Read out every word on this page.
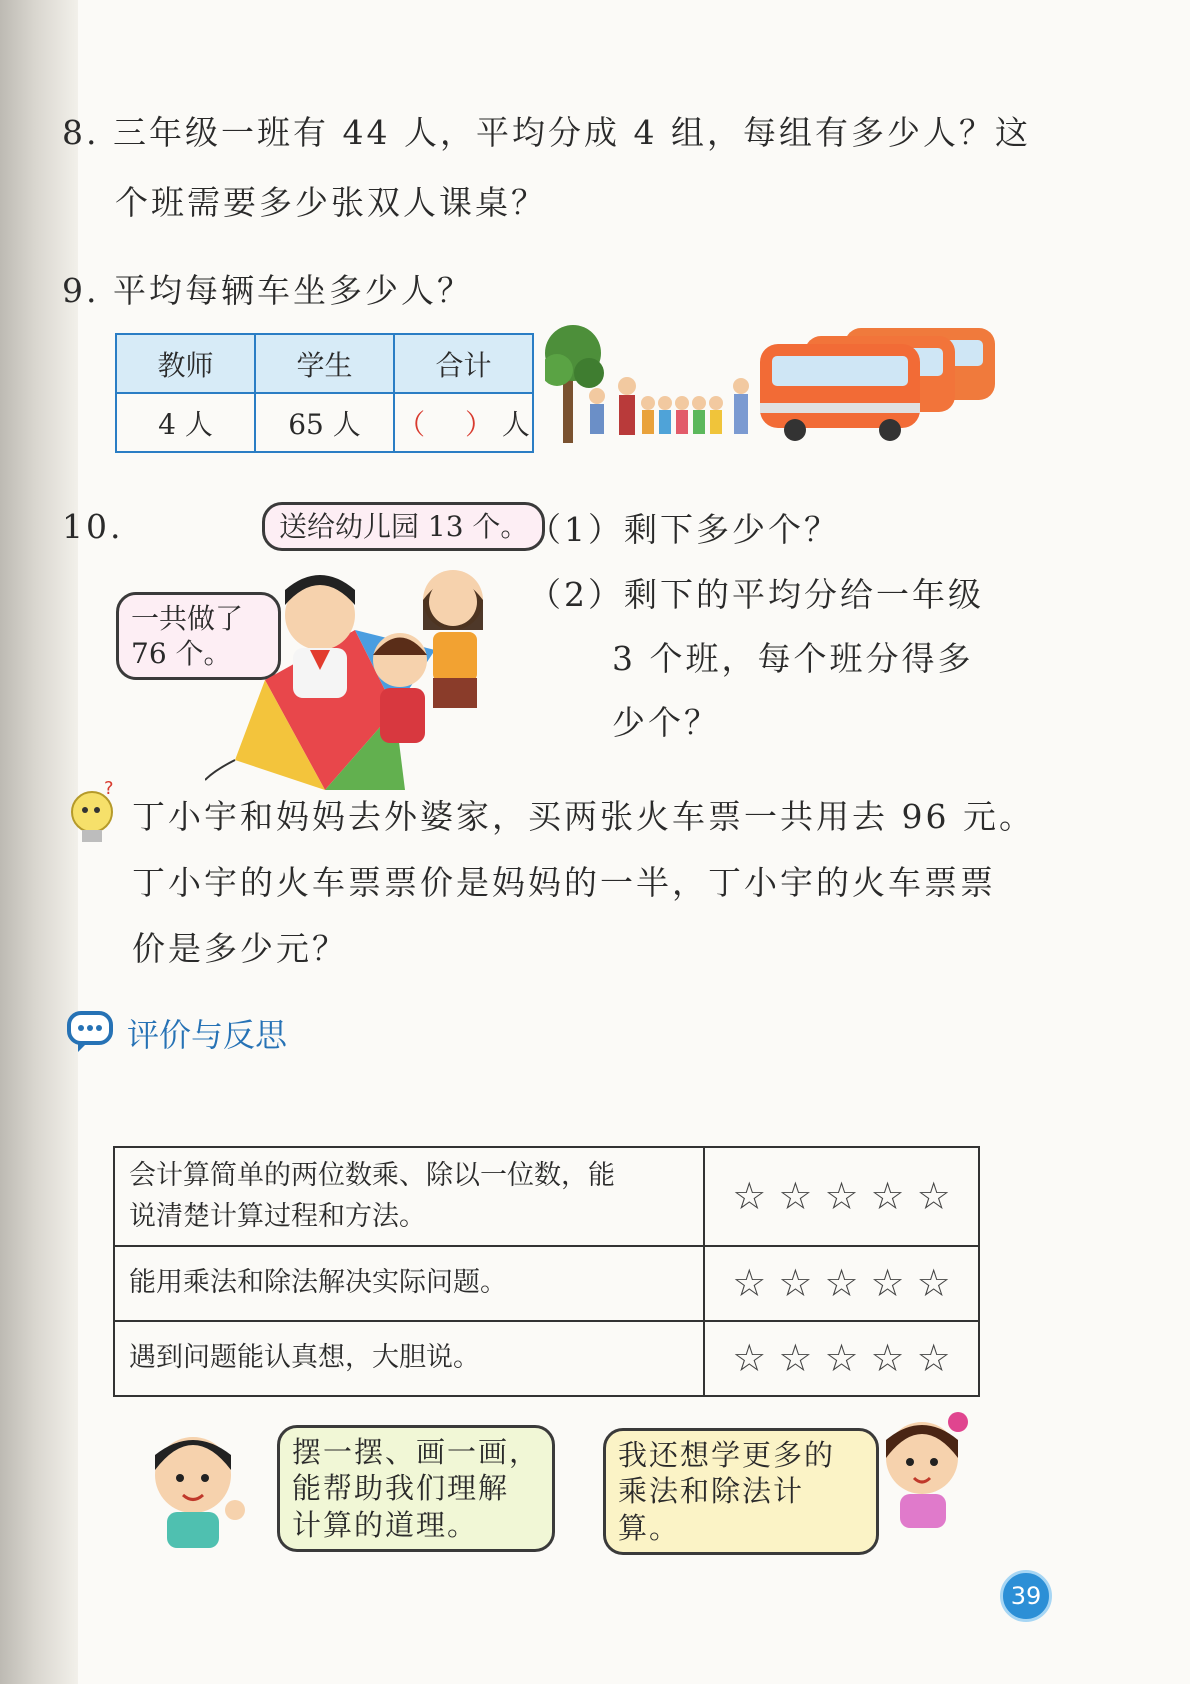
8. 三年级一班有 44 人，平均分成 4 组，每组有多少人？这
个班需要多少张双人课桌？
9. 平均每辆车坐多少人？
教师	学生	合计
4 人	65 人	（ ） 人
10.	送给幼儿园 13 个。
一共做了
76 个。
（1）剩下多少个？
（2）剩下的平均分给一年级
3 个班，每个班分得多
少个？
?
丁小宇和妈妈去外婆家，买两张火车票一共用去 96 元。
丁小宇的火车票票价是妈妈的一半，丁小宇的火车票票
价是多少元？
评价与反思
会计算简单的两位数乘、除以一位数，能
说清楚计算过程和方法。	☆ ☆ ☆ ☆ ☆

能用乘法和除法解决实际问题。	☆ ☆ ☆ ☆ ☆

遇到问题能认真想，大胆说。	☆ ☆ ☆ ☆ ☆
摆一摆、画一画，
能帮助我们理解
计算的道理。
我还想学更多的
乘法和除法计算。
39
